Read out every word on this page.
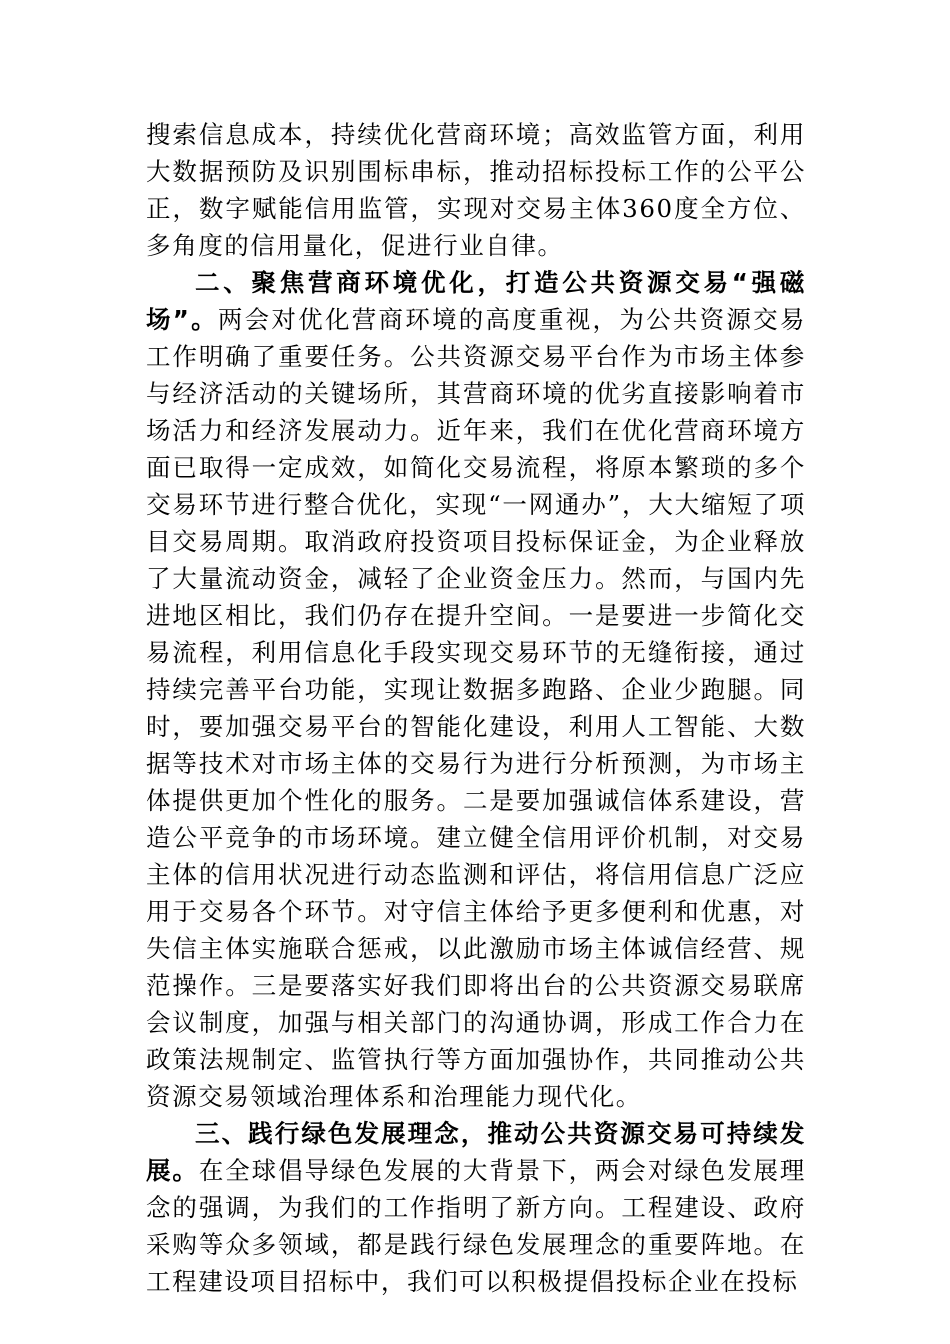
搜索信息成本，持续优化营商环境；高效监管方面，利用大数据预防及识别围标串标，推动招标投标工作的公平公正，数字赋能信用监管，实现对交易主体360度全方位、多角度的信用量化，促进行业自律。

二、聚焦营商环境优化，打造公共资源交易“强磁场”。两会对优化营商环境的高度重视，为公共资源交易工作明确了重要任务。公共资源交易平台作为市场主体参与经济活动的关键场所，其营商环境的优劣直接影响着市场活力和经济发展动力。近年来，我们在优化营商环境方面已取得一定成效，如简化交易流程，将原本繁琐的多个交易环节进行整合优化，实现“一网通办”，大大缩短了项目交易周期。取消政府投资项目投标保证金，为企业释放了大量流动资金，减轻了企业资金压力。然而，与国内先进地区相比，我们仍存在提升空间。一是要进一步简化交易流程，利用信息化手段实现交易环节的无缝衔接，通过持续完善平台功能，实现让数据多跑路、企业少跑腿。同时，要加强交易平台的智能化建设，利用人工智能、大数据等技术对市场主体的交易行为进行分析预测，为市场主体提供更加个性化的服务。二是要加强诚信体系建设，营造公平竞争的市场环境。建立健全信用评价机制，对交易主体的信用状况进行动态监测和评估，将信用信息广泛应用于交易各个环节。对守信主体给予更多便利和优惠，对失信主体实施联合惩戒，以此激励市场主体诚信经营、规范操作。三是要落实好我们即将出台的公共资源交易联席会议制度，加强与相关部门的沟通协调，形成工作合力在政策法规制定、监管执行等方面加强协作，共同推动公共资源交易领域治理体系和治理能力现代化。

三、践行绿色发展理念，推动公共资源交易可持续发展。在全球倡导绿色发展的大背景下，两会对绿色发展理念的强调，为我们的工作指明了新方向。工程建设、政府采购等众多领域，都是践行绿色发展理念的重要阵地。在工程建设项目招标中，我们可以积极提倡投标企业在投标
